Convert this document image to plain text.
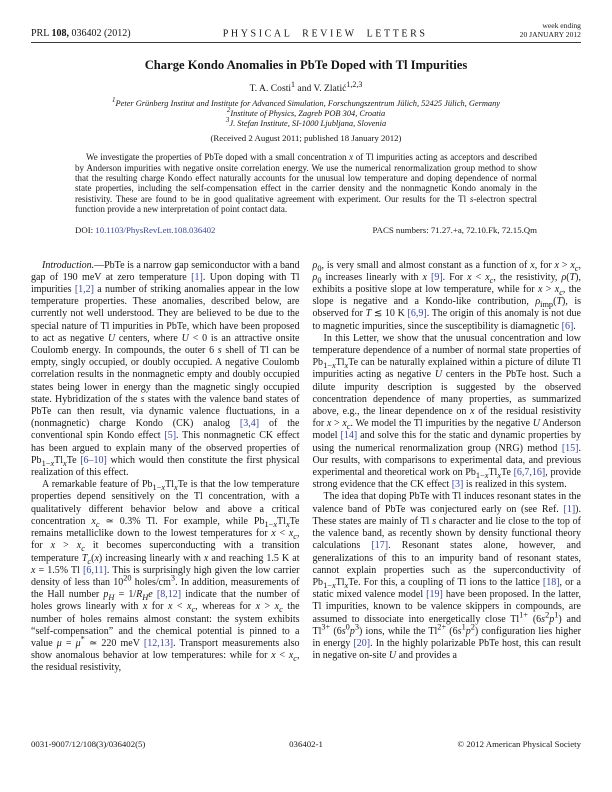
PRL 108, 036402 (2012)	PHYSICAL REVIEW LETTERS
week ending
20 JANUARY 2012
Charge Kondo Anomalies in PbTe Doped with Tl Impurities
T. A. Costi$^1$ and V. Zlatić$^{1,2,3}$
$^1$Peter Grünberg Institut and Institute for Advanced Simulation, Forschungszentrum Jülich, 52425 Jülich, Germany
$^2$Institute of Physics, Zagreb POB 304, Croatia
$^3$J. Stefan Institute, SI-1000 Ljubljana, Slovenia
(Received 2 August 2011; published 18 January 2012)
We investigate the properties of PbTe doped with a small concentration x of Tl impurities acting as acceptors and described by Anderson impurities with negative onsite correlation energy. We use the numerical renormalization group method to show that the resulting charge Kondo effect naturally accounts for the unusual low temperature and doping dependence of normal state properties, including the self-compensation effect in the carrier density and the nonmagnetic Kondo anomaly in the resistivity. These are found to be in good qualitative agreement with experiment. Our results for the Tl s-electron spectral function provide a new interpretation of point contact data.
DOI: 10.1103/PhysRevLett.108.036402	PACS numbers: 71.27.+a, 72.10.Fk, 72.15.Qm

Introduction.—PbTe is a narrow gap semiconductor with a band gap of 190 meV at zero temperature [1]. Upon doping with Tl impurities [1,2] a number of striking anomalies appear in the low temperature properties. These anomalies, described below, are currently not well understood. They are believed to be due to the special nature of Tl impurities in PbTe, which have been proposed to act as negative U centers, where U < 0 is an attractive onsite Coulomb energy. In compounds, the outer 6 s shell of Tl can be empty, singly occupied, or doubly occupied. A negative Coulomb correlation results in the nonmagnetic empty and doubly occupied states being lower in energy than the magnetic singly occupied state. Hybridization of the s states with the valence band states of PbTe can then result, via dynamic valence fluctuations, in a (nonmagnetic) charge Kondo (CK) analog [3,4] of the conventional spin Kondo effect [5]. This nonmagnetic CK effect has been argued to explain many of the observed properties of $Pb_{1-x}Tl_xTe$ [6–10] which would then constitute the first physical realization of this effect.

A remarkable feature of $Pb_{1-x}Tl_xTe$ is that the low temperature properties depend sensitively on the Tl concentration, with a qualitatively different behavior below and above a critical concentration $x_c$ ≃ 0.3% Tl. For example, while $Pb_{1-x}Tl_xTe$ remains metalliclike down to the lowest temperatures for $x < x_c$, for $x > x_c$ it becomes superconducting with a transition temperature $T_c(x)$ increasing linearly with x and reaching 1.5 K at x = 1.5% Tl [6,11]. This is surprisingly high given the low carrier density of less than $10^{20}$ holes/$cm^3$. In addition, measurements of the Hall number $p_H = 1/R_He$ [8,12] indicate that the number of holes grows linearly with x for $x < x_c$, whereas for $x > x_c$ the number of holes remains almost constant: the system exhibits “self-compensation” and the chemical potential is pinned to a value μ = μ* ≃ 220 meV [12,13]. Transport measurements also show anomalous behavior at low temperatures: while for $x < x_c$, the residual resistivity,

$\rho_0$, is very small and almost constant as a function of x, for $x > x_c$, $\rho_0$ increases linearly with x [9]. For $x < x_c$, the resistivity, ρ(T), exhibits a positive slope at low temperature, while for $x > x_c$, the slope is negative and a Kondo-like contribution, $\rho_{imp}(T)$, is observed for T ≲ 10 K [6,9]. The origin of this anomaly is not due to magnetic impurities, since the susceptibility is diamagnetic [6].

In this Letter, we show that the unusual concentration and low temperature dependence of a number of normal state properties of $Pb_{1-x}Tl_xTe$ can be naturally explained within a picture of dilute Tl impurities acting as negative U centers in the PbTe host. Such a dilute impurity description is suggested by the observed concentration dependence of many properties, as summarized above, e.g., the linear dependence on x of the residual resistivity for $x > x_c$. We model the Tl impurities by the negative U Anderson model [14] and solve this for the static and dynamic properties by using the numerical renormalization group (NRG) method [15]. Our results, with comparisons to experimental data, and previous experimental and theoretical work on $Pb_{1-x}Tl_xTe$ [6,7,16], provide strong evidence that the CK effect [3] is realized in this system.

The idea that doping PbTe with Tl induces resonant states in the valence band of PbTe was conjectured early on (see Ref. [1]). These states are mainly of Tl s character and lie close to the top of the valence band, as recently shown by density functional theory calculations [17]. Resonant states alone, however, and generalizations of this to an impurity band of resonant states, cannot explain properties such as the superconductivity of $Pb_{1-x}Tl_xTe$. For this, a coupling of Tl ions to the lattice [18], or a static mixed valence model [19] have been proposed. In the latter, Tl impurities, known to be valence skippers in compounds, are assumed to dissociate into energetically close $Tl^{1+}$ $(6s^2p^1)$ and $Tl^{3+}$ $(6s^0p^3)$ ions, while the $Tl^{2+}$ $(6s^1p^2)$ configuration lies higher in energy [20]. In the highly polarizable PbTe host, this can result in negative on-site U and provides a

036402-1
0031-9007/12/108(3)/036402(5)	© 2012 American Physical Society
